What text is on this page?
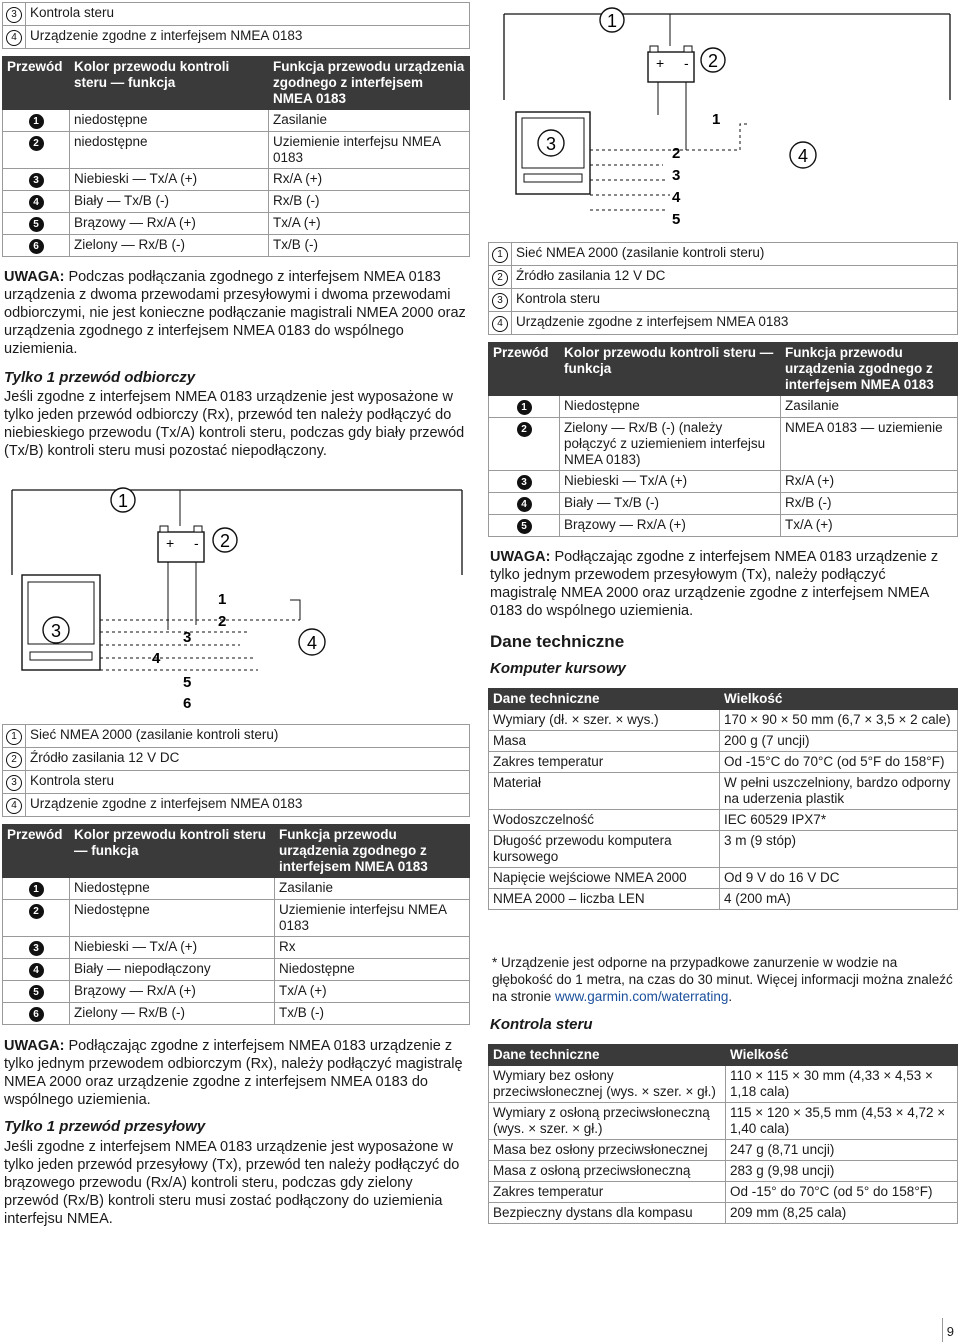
3	Kontrola steru
4	Urządzenie zgodne z interfejsem NMEA 0183
Przewód	Kolor przewodu kontroli steru — funkcja	Funkcja przewodu urządzenia zgodnego z interfejsem NMEA 0183
1	niedostępne	Zasilanie
2	niedostępne	Uziemienie interfejsu NMEA 0183
3	Niebieski — Tx/A (+)	Rx/A (+)
4	Biały — Tx/B (-)	Rx/B (-)
5	Brązowy — Rx/A (+)	Tx/A (+)
6	Zielony — Rx/B (-)	Tx/B (-)

UWAGA: Podczas podłączania zgodnego z interfejsem NMEA 0183 urządzenia z dwoma przewodami przesyłowymi i dwoma przewodami odbiorczymi, nie jest konieczne podłączanie magistrali NMEA 2000 oraz urządzenia zgodnego z interfejsem NMEA 0183 do wspólnego uziemienia.

Tylko 1 przewód odbiorczy

Jeśli zgodne z interfejsem NMEA 0183 urządzenie jest wyposażone w tylko jeden przewód odbiorczy (Rx), przewód ten należy podłączyć do niebieskiego przewodu (Tx/A) kontroli steru, podczas gdy biały przewód (Tx/B) kontroli steru musi pozostać niepodłączony.

1
+ - 2
3
1
2
3
4
5
6
4
1	Sieć NMEA 2000 (zasilanie kontroli steru)
2	Źródło zasilania 12 V DC
3	Kontrola steru
4	Urządzenie zgodne z interfejsem NMEA 0183
Przewód	Kolor przewodu kontroli steru — funkcja	Funkcja przewodu urządzenia zgodnego z interfejsem NMEA 0183
1	Niedostępne	Zasilanie
2	Niedostępne	Uziemienie interfejsu NMEA 0183
3	Niebieski — Tx/A (+)	Rx
4	Biały — niepodłączony	Niedostępne
5	Brązowy — Rx/A (+)	Tx/A (+)
6	Zielony — Rx/B (-)	Tx/B (-)

UWAGA: Podłączając zgodne z interfejsem NMEA 0183 urządzenie z tylko jednym przewodem odbiorczym (Rx), należy podłączyć magistralę NMEA 2000 oraz urządzenie zgodne z interfejsem NMEA 0183 do wspólnego uziemienia.

Tylko 1 przewód przesyłowy

Jeśli zgodne z interfejsem NMEA 0183 urządzenie jest wyposażone w tylko jeden przewód przesyłowy (Tx), przewód ten należy podłączyć do brązowego przewodu (Rx/A) kontroli steru, podczas gdy zielony przewód (Rx/B) kontroli steru musi zostać podłączony do uziemienia interfejsu NMEA.

1
+ - 2
3
1
2
3
4
5
4
1	Sieć NMEA 2000 (zasilanie kontroli steru)
2	Źródło zasilania 12 V DC
3	Kontrola steru
4	Urządzenie zgodne z interfejsem NMEA 0183
Przewód	Kolor przewodu kontroli steru — funkcja	Funkcja przewodu urządzenia zgodnego z interfejsem NMEA 0183
1	Niedostępne	Zasilanie
2	Zielony — Rx/B (-) (należy połączyć z uziemieniem interfejsu NMEA 0183)	NMEA 0183 — uziemienie
3	Niebieski — Tx/A (+)	Rx/A (+)
4	Biały — Tx/B (-)	Rx/B (-)
5	Brązowy — Rx/A (+)	Tx/A (+)

UWAGA: Podłączając zgodne z interfejsem NMEA 0183 urządzenie z tylko jednym przewodem przesyłowym (Tx), należy podłączyć magistralę NMEA 2000 oraz urządzenie zgodne z interfejsem NMEA 0183 do wspólnego uziemienia.

Dane techniczne

Komputer kursowy

Dane techniczne	Wielkość
Wymiary (dł. × szer. × wys.)	170 × 90 × 50 mm (6,7 × 3,5 × 2 cale)
Masa	200 g (7 uncji)
Zakres temperatur	Od -15°C do 70°C (od 5°F do 158°F)
Materiał	W pełni uszczelniony, bardzo odporny na uderzenia plastik
Wodoszczelność	IEC 60529 IPX7*
Długość przewodu komputera kursowego	3 m (9 stóp)
Napięcie wejściowe NMEA 2000	Od 9 V do 16 V DC
NMEA 2000 – liczba LEN	4 (200 mA)

* Urządzenie jest odporne na przypadkowe zanurzenie w wodzie na głębokość do 1 metra, na czas do 30 minut. Więcej informacji można znaleźć na stronie www.garmin.com/waterrating.

Kontrola steru

Dane techniczne	Wielkość
Wymiary bez osłony przeciwsłonecznej (wys. × szer. × gł.)	110 × 115 × 30 mm (4,33 × 4,53 × 1,18 cala)
Wymiary z osłoną przeciwsłoneczną (wys. × szer. × gł.)	115 × 120 × 35,5 mm (4,53 × 4,72 × 1,40 cala)
Masa bez osłony przeciwsłonecznej	247 g (8,71 uncji)
Masa z osłoną przeciwsłoneczną	283 g (9,98 uncji)
Zakres temperatur	Od -15° do 70°C (od 5° do 158°F)
Bezpieczny dystans dla kompasu	209 mm (8,25 cala)
9
